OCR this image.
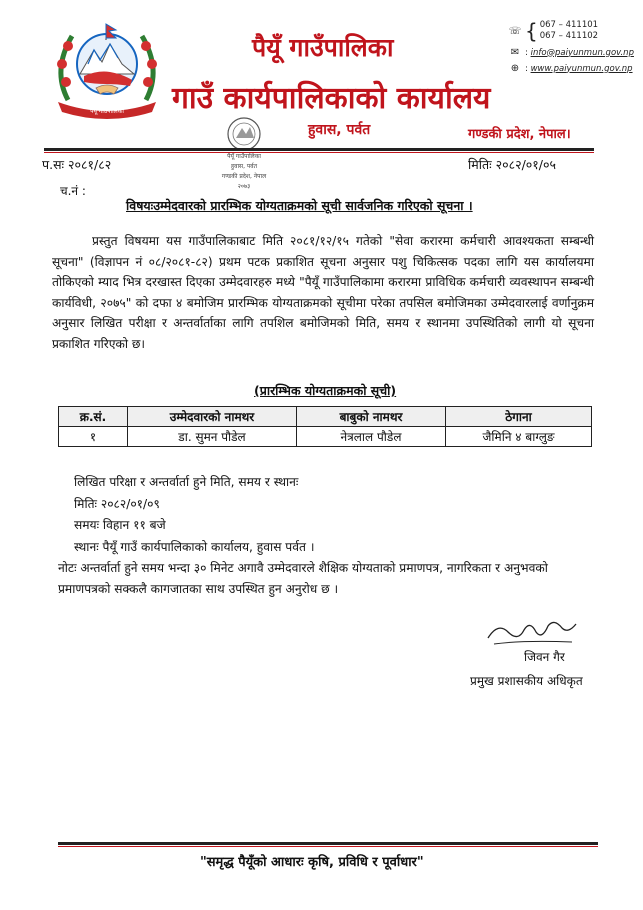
पैयूँ गाउँपालिका
पैयूँ गाउँपालिका
गाउँ कार्यपालिकाको कार्यालय
हुवास, पर्वत	गण्डकी प्रदेश, नेपाल।
☏ { 067 – 411101
067 – 411102
✉ :
info@paiyunmun.gov.np
⊕ :
www.paiyunmun.gov.np
पैयूँ गाउँपालिका
हुवास, पर्वत
गण्डकी प्रदेश, नेपाल
२०७३
प.सः २०८१/८२
च.नं :
मितिः २०८२/०१/०५
विषयःउम्मेदवारको प्रारम्भिक योग्यताक्रमको सूची सार्वजनिक गरिएको सूचना ।
प्रस्तुत विषयमा यस गाउँपालिकाबाट मिति २०८१/१२/१५ गतेको "सेवा करारमा कर्मचारी आवश्यकता सम्बन्धी सूचना" (विज्ञापन नं ०८/२०८१-८२) प्रथम पटक प्रकाशित सूचना अनुसार पशु चिकित्सक पदका लागि यस कार्यालयमा तोकिएको म्याद भित्र दरखास्त दिएका उम्मेदवारहरु मध्ये "पैयूँ गाउँपालिकामा करारमा प्राविधिक कर्मचारी व्यवस्थापन सम्बन्धी कार्यविधी, २०७५" को दफा ४ बमोजिम प्रारम्भिक योग्यताक्रमको सूचीमा परेका तपसिल बमोजिमका उम्मेदवारलाई वर्णानुक्रम अनुसार लिखित परीक्षा र अन्तर्वार्ताका लागि तपशिल बमोजिमको मिति, समय र स्थानमा उपस्थितिको लागी यो सूचना प्रकाशित गरिएको छ।
(प्रारम्भिक योग्यताक्रमको सूची)
क्र.सं.	उम्मेदवारको नामथर	बाबुको नामथर	ठेगाना
१	डा. सुमन पौडेल	नेत्रलाल पौडेल	जैमिनि ४ बाग्लुङ
लिखित परिक्षा र अन्तर्वार्ता हुने मिति, समय र स्थानः
मितिः २०८२/०१/०९
समयः विहान ११ बजे
स्थानः पैयूँ गाउँ कार्यपालिकाको कार्यालय, हुवास पर्वत ।
नोटः अन्तर्वार्ता हुने समय भन्दा ३० मिनेट अगावै उम्मेदवारले शैक्षिक योग्यताको प्रमाणपत्र, नागरिकता र अनुभवको प्रमाणपत्रको सक्कलै कागजातका साथ उपस्थित हुन अनुरोध छ ।
जिवन गैर
प्रमुख प्रशासकीय अधिकृत
"समृद्ध पैयूँको आधारः कृषि, प्रविधि र पूर्वाधार"
